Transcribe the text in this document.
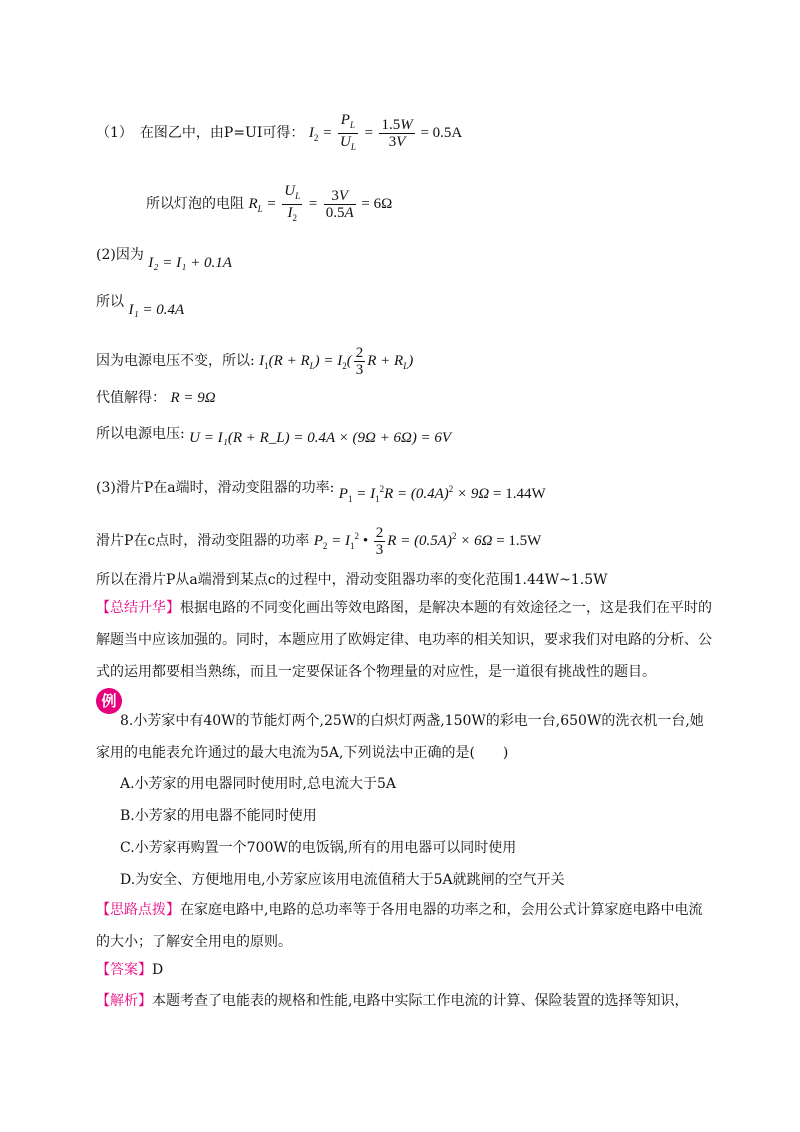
（1）　在图乙中，由P=UI可得： $I_2 = \frac{P_L}{U_L} = \frac{1.5W}{3V} = 0.5A$
所以灯泡的电阻 $R_L = \frac{U_L}{I_2} = \frac{3V}{0.5A} = 6\Omega$
(2)因为 I₂ = I₁ + 0.1A
所以 I₁ = 0.4A
因为电源电压不变，所以: $I_1(R + R_L) = I_2( \frac{2}{3}$ $R + R_L$)
代值解得： R = 9Ω
所以电源电压: U = I₁(R + R_L) = 0.4A × (9Ω + 6Ω) = 6V
(3)滑片P在a端时，滑动变阻器的功率: $P_1 = I_1^2R = (0.4A)^2 \times 9\Omega = 1.44W$
滑片P在c点时，滑动变阻器的功率 $P_2 = I_1^2$ • $\frac{2}{3}$ $R = (0.5A)^2 \times 6\Omega = 1.5W$
所以在滑片P从a端滑到某点c的过程中，滑动变阻器功率的变化范围1.44W~1.5W
【总结升华】根据电路的不同变化画出等效电路图，是解决本题的有效途径之一，这是我们在平时的解题当中应该加强的。同时，本题应用了欧姆定律、电功率的相关知识，要求我们对电路的分析、公式的运用都要相当熟练，而且一定要保证各个物理量的对应性，是一道很有挑战性的题目。
例
8.小芳家中有40W的节能灯两个,25W的白炽灯两盏,150W的彩电一台,650W的洗衣机一台,她家用的电能表允许通过的最大电流为5A,下列说法中正确的是(　　)
A.小芳家的用电器同时使用时,总电流大于5A
B.小芳家的用电器不能同时使用
C.小芳家再购置一个700W的电饭锅,所有的用电器可以同时使用
D.为安全、方便地用电,小芳家应该用电流值稍大于5A就跳闸的空气开关
【思路点拨】在家庭电路中,电路的总功率等于各用电器的功率之和，会用公式计算家庭电路中电流的大小；了解安全用电的原则。
【答案】D
【解析】本题考查了电能表的规格和性能,电路中实际工作电流的计算、保险装置的选择等知识，
